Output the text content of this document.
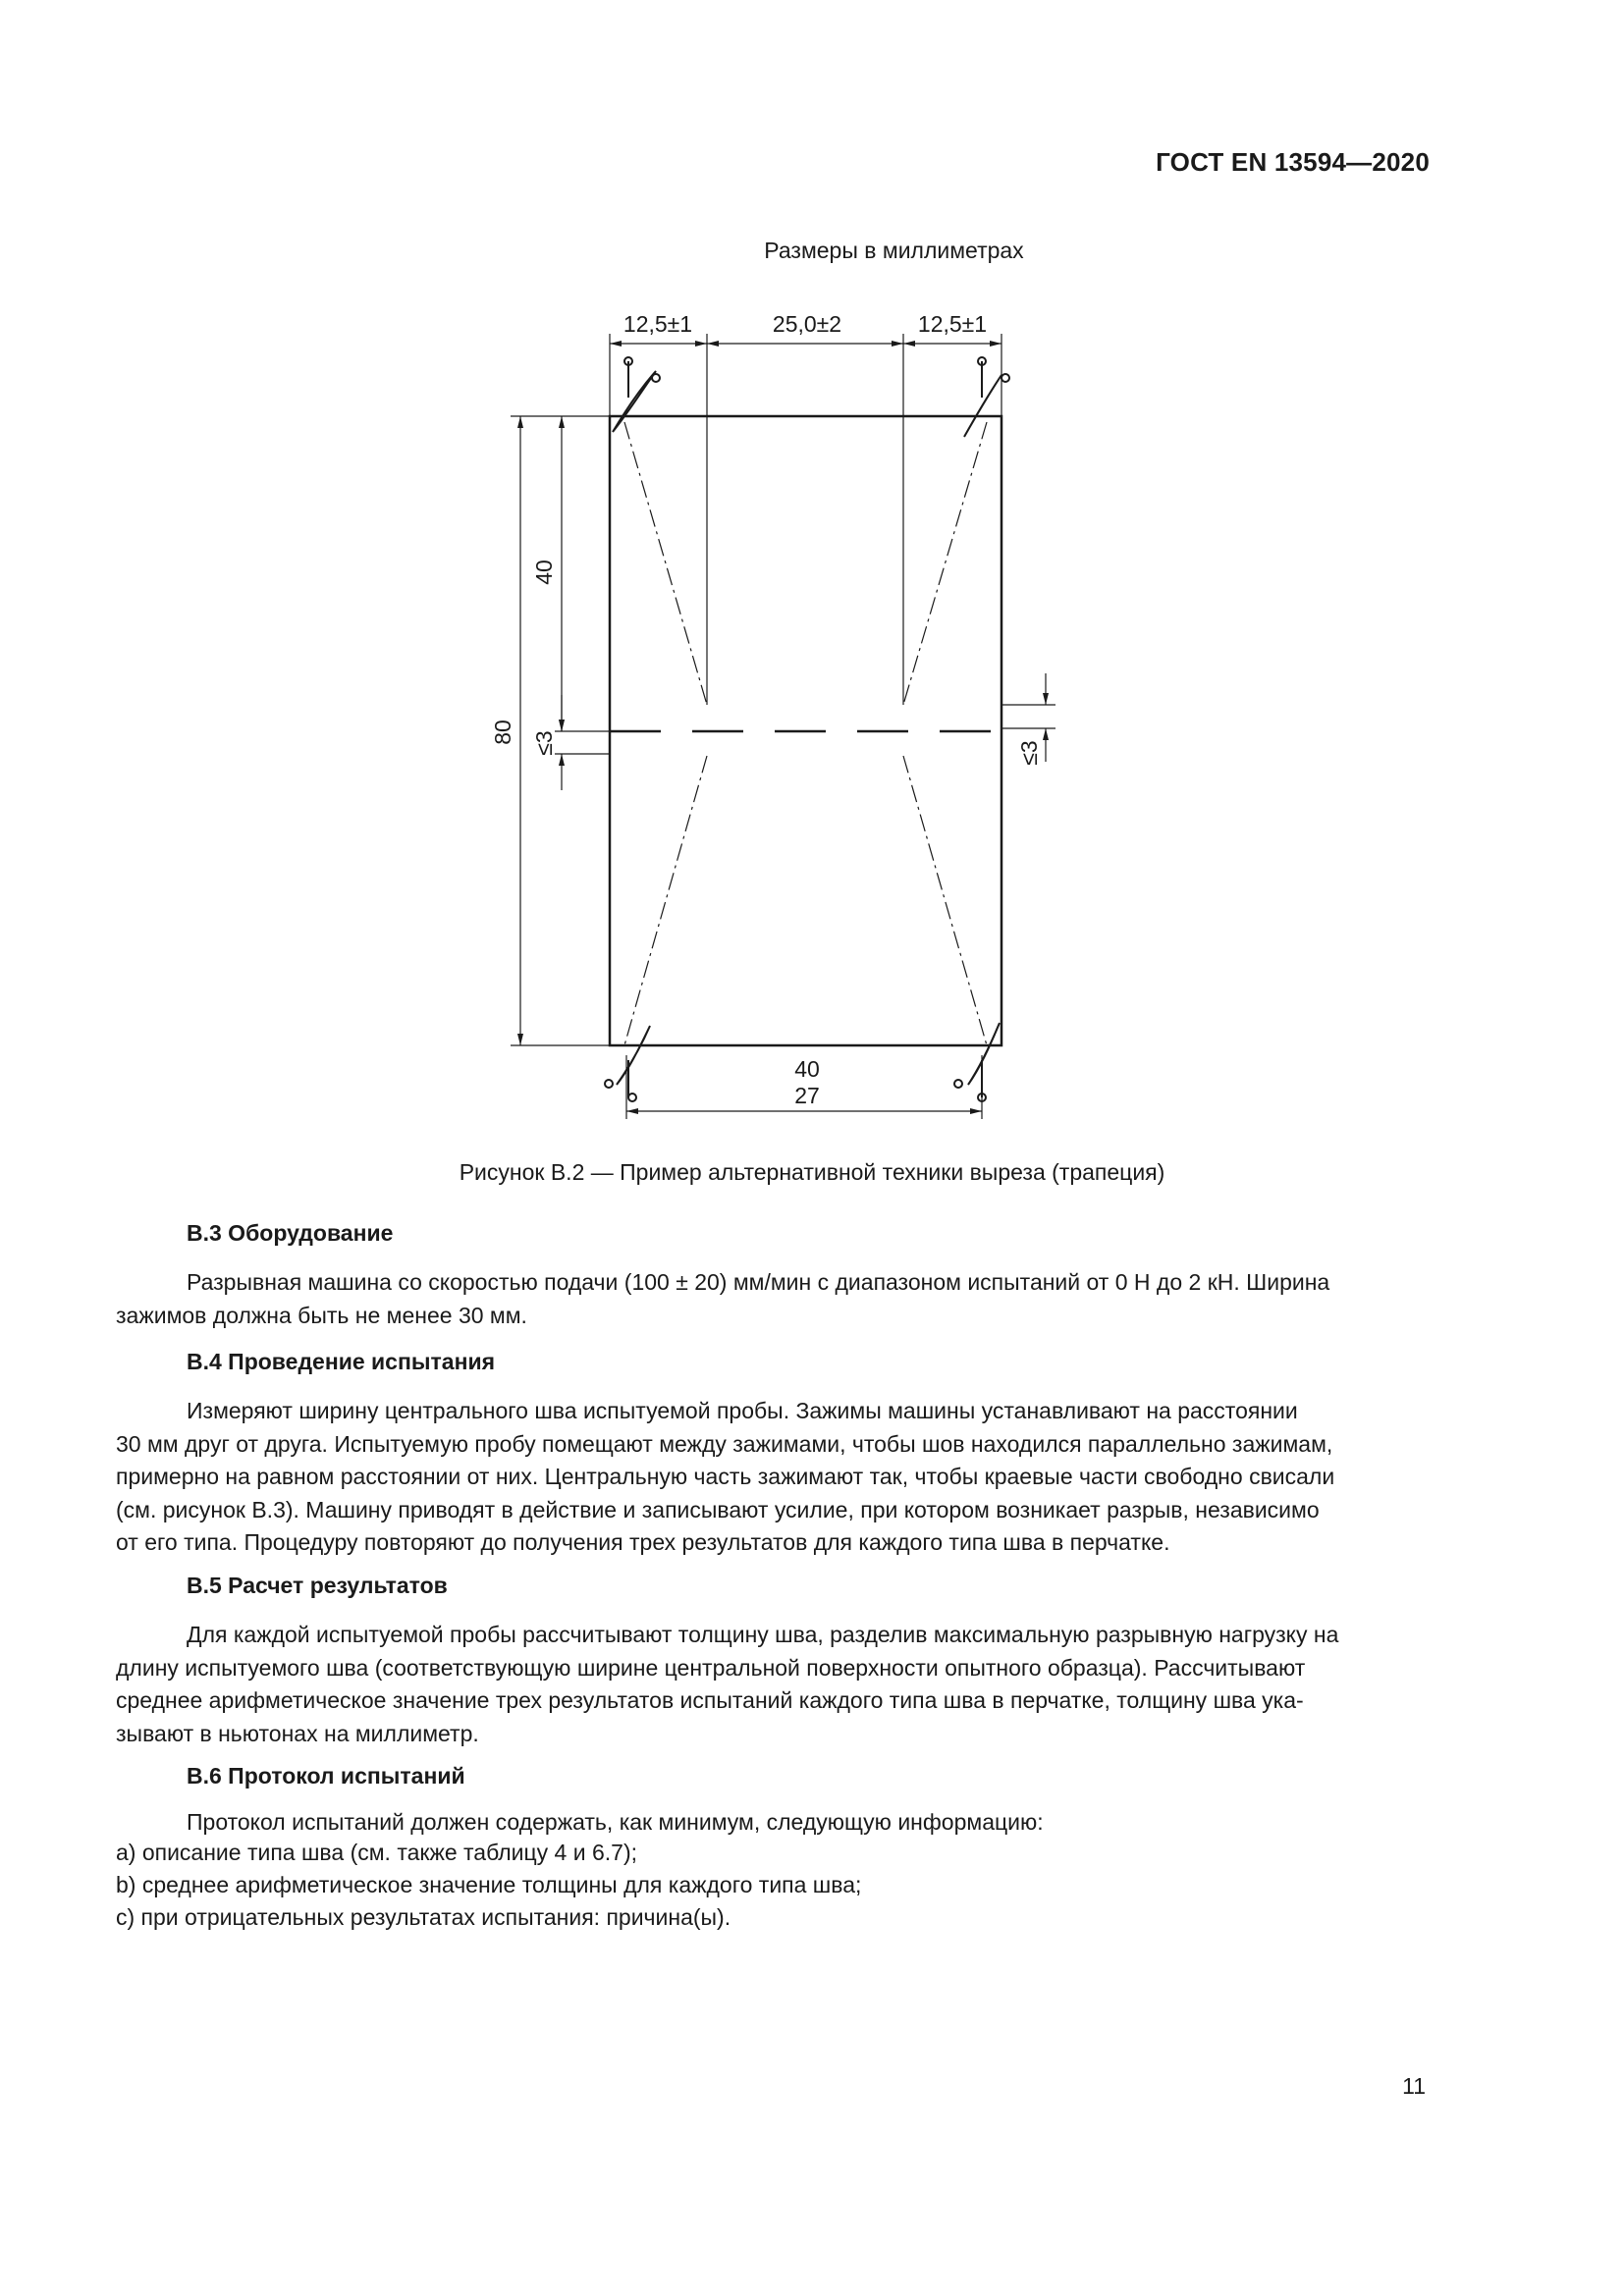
ГОСТ EN 13594—2020
Размеры в миллиметрах
12,5±1	25,0±2	12,5±1
80
40
≤3	≤3
40
27
Рисунок В.2 — Пример альтернативной техники выреза (трапеция)
B.3 Оборудование
Разрывная машина со скоростью подачи (100 ± 20) мм/мин с диапазоном испытаний от 0 Н до 2 кН. Ширина
зажимов должна быть не менее 30 мм.
B.4 Проведение испытания
Измеряют ширину центрального шва испытуемой пробы. Зажимы машины устанавливают на расстоянии
30 мм друг от друга. Испытуемую пробу помещают между зажимами, чтобы шов находился параллельно зажимам,
примерно на равном расстоянии от них. Центральную часть зажимают так, чтобы краевые части свободно свисали
(см. рисунок В.3). Машину приводят в действие и записывают усилие, при котором возникает разрыв, независимо
от его типа. Процедуру повторяют до получения трех результатов для каждого типа шва в перчатке.
B.5 Расчет результатов
Для каждой испытуемой пробы рассчитывают толщину шва, разделив максимальную разрывную нагрузку на
длину испытуемого шва (соответствующую ширине центральной поверхности опытного образца). Рассчитывают
среднее арифметическое значение трех результатов испытаний каждого типа шва в перчатке, толщину шва ука-
зывают в ньютонах на миллиметр.
B.6 Протокол испытаний
Протокол испытаний должен содержать, как минимум, следующую информацию:
a) описание типа шва (см. также таблицу 4 и 6.7);
b) среднее арифметическое значение толщины для каждого типа шва;
c) при отрицательных результатах испытания: причина(ы).
11
